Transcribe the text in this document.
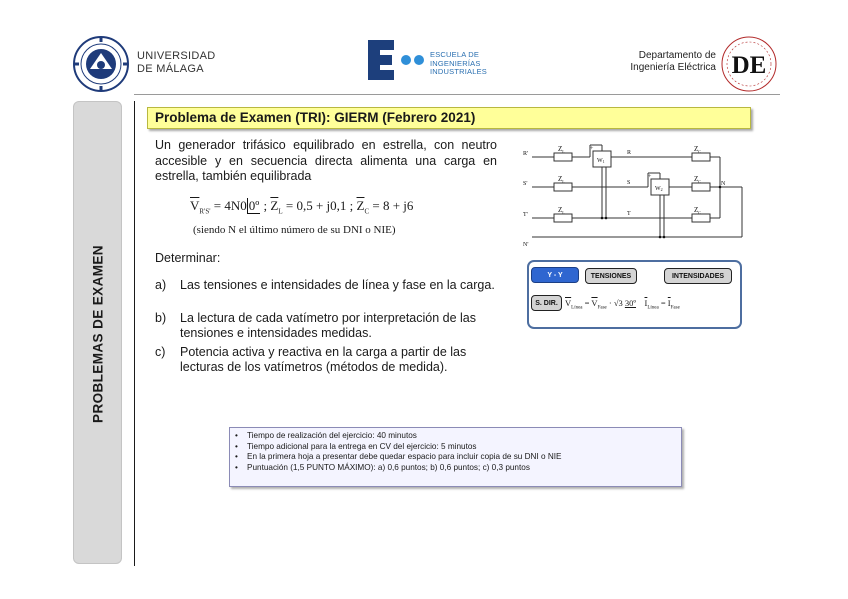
UNIVERSIDAD
DE MÁLAGA
ESCUELA DE
INGENIERÍAS
INDUSTRIALES
Departamento de
Ingeniería Eléctrica DE
PROBLEMAS DE EXAMEN
Problema de Examen (TRI): GIERM (Febrero 2021)
Un generador trifásico equilibrado en estrella, con neutro accesible y en secuencia directa alimenta una carga en estrella, también equilibrada
$\overline{V}_{R'S'} = 4N0$ 0º ; $\overline{Z}_L = 0,5 + j0,1$ ; $\overline{Z}_C = 8 + j6$
(siendo N el último número de su DNI o NIE)
Determinar:
a) Las tensiones e intensidades de línea y fase en la carga.
b) La lectura de cada vatímetro por interpretación de las tensiones e intensidades medidas.
c) Potencia activa y reactiva en la carga a partir de las lecturas de los vatímetros (métodos de medida).
• Tiempo de realización del ejercicio: 40 minutos
• Tiempo adicional para la entrega en CV del ejercicio: 5 minutos
• En la primera hoja a presentar debe quedar espacio para incluir copia de su DNI o NIE
• Puntuación (1,5 PUNTO MÁXIMO): a) 0,6 puntos; b) 0,6 puntos; c) 0,3 puntos
R'
$Z_L$	+
W1
R	$Z_C$
S'
$Z_L$
+
W2
S	$Z_C$
T'
$Z_L$	T	$Z_C$
N
N'
Y - Y	TENSIONES	INTENSIDADES
S. DIR. $\overline{V}_{Línea} = \overline{V}_{Fase} \cdot √3$ 30º $\overline{I}_{Línea} = \overline{I}_{Fase}$
